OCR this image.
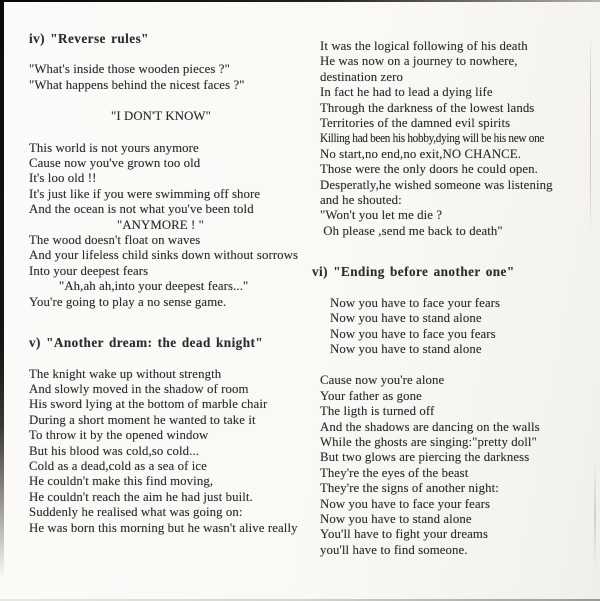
iv) "Reverse rules"
"What's inside those wooden pieces ?"
"What happens behind the nicest faces ?"
"I DON'T KNOW"
This world is not yours anymore
Cause now you've grown too old
It's loo old !!
It's just like if you were swimming off shore
And the ocean is not what you've been told
"ANYMORE ! "
The wood doesn't float on waves
And your lifeless child sinks down without sorrows
Into your deepest fears
"Ah,ah ah,into your deepest fears..."
You're going to play a no sense game.
v) "Another dream: the dead knight"
The knight wake up without strength
And slowly moved in the shadow of room
His sword lying at the bottom of marble chair
During a short moment he wanted to take it
To throw it by the opened window
But his blood was cold,so cold...
Cold as a dead,cold as a sea of ice
He couldn't make this find moving,
He couldn't reach the aim he had just built.
Suddenly he realised what was going on:
He was born this morning but he wasn't alive really
It was the logical following of his death
He was now on a journey to nowhere,
destination zero
In fact he had to lead a dying life
Through the darkness of the lowest lands
Territories of the damned evil spirits
Killing had been his hobby,dying will be his new one
No start,no end,no exit,NO CHANCE.
Those were the only doors he could open.
Desperatly,he wished someone was listening
and he shouted:
"Won't you let me die ?
Oh please ,send me back to death"
vi) "Ending before another one"
Now you have to face your fears
Now you have to stand alone
Now you have to face you fears
Now you have to stand alone
Cause now you're alone
Your father as gone
The ligth is turned off
And the shadows are dancing on the walls
While the ghosts are singing:"pretty doll"
But two glows are piercing the darkness
They're the eyes of the beast
They're the signs of another night:
Now you have to face your fears
Now you have to stand alone
You'll have to fight your dreams
you'll have to find someone.
